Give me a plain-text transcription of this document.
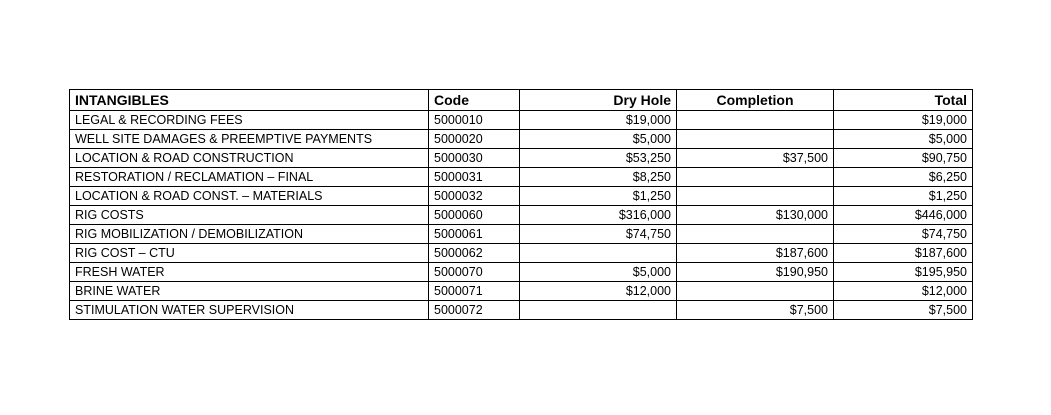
INTANGIBLES	Code	Dry Hole	Completion	Total
LEGAL & RECORDING FEES	5000010	$19,000		$19,000
WELL SITE DAMAGES & PREEMPTIVE PAYMENTS	5000020	$5,000		$5,000
LOCATION & ROAD CONSTRUCTION	5000030	$53,250	$37,500	$90,750
RESTORATION / RECLAMATION – FINAL	5000031	$8,250		$6,250
LOCATION & ROAD CONST. – MATERIALS	5000032	$1,250		$1,250
RIG COSTS	5000060	$316,000	$130,000	$446,000
RIG MOBILIZATION / DEMOBILIZATION	5000061	$74,750		$74,750
RIG COST – CTU	5000062		$187,600	$187,600
FRESH WATER	5000070	$5,000	$190,950	$195,950
BRINE WATER	5000071	$12,000		$12,000
STIMULATION WATER SUPERVISION	5000072		$7,500	$7,500
